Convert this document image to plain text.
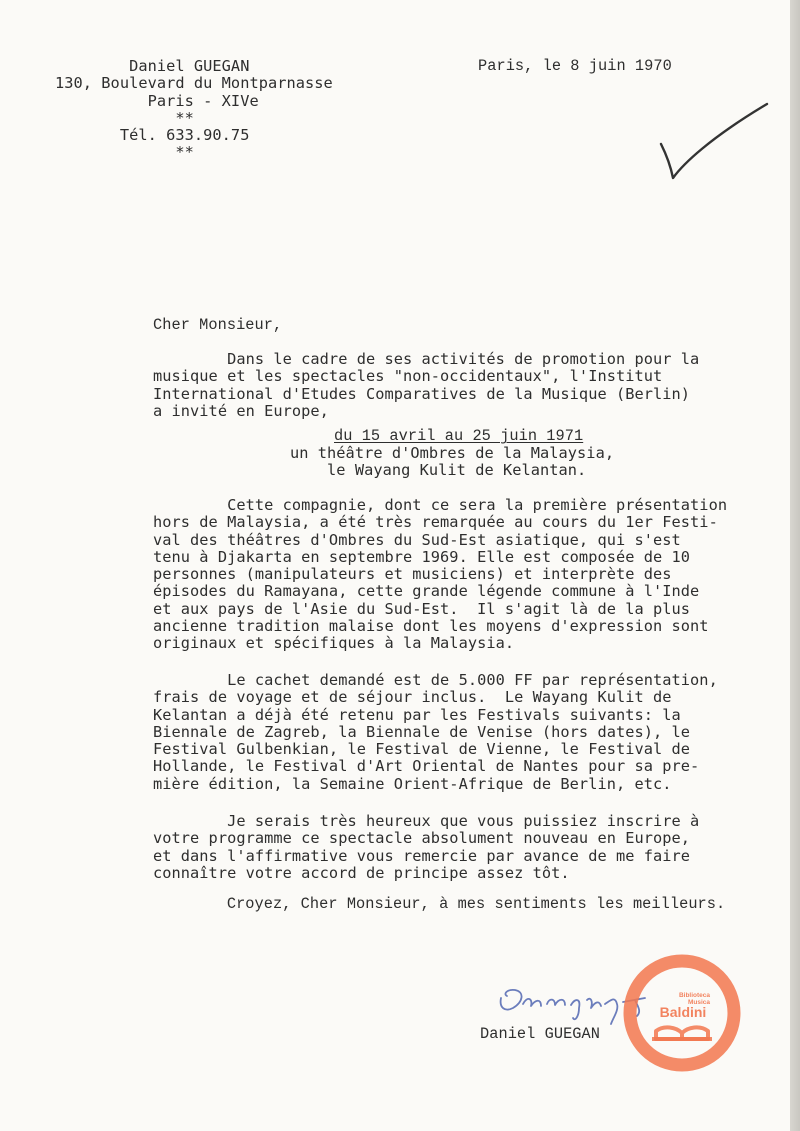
Daniel GUEGAN
130, Boulevard du Montparnasse
Paris - XIVe
**
Tél. 633.90.75
**

Paris, le 8 juin 1970

Cher Monsieur,

Dans le cadre de ses activités de promotion pour la
musique et les spectacles "non-occidentaux", l'Institut
International d'Etudes Comparatives de la Musique (Berlin)
a invité en Europe,

du 15 avril au 25 juin 1971

un théâtre d'Ombres de la Malaysia,
le Wayang Kulit de Kelantan.
Cette compagnie, dont ce sera la première présentation
hors de Malaysia, a été très remarquée au cours du 1er Festi-
val des théâtres d'Ombres du Sud-Est asiatique, qui s'est
tenu à Djakarta en septembre 1969. Elle est composée de 10
personnes (manipulateurs et musiciens) et interprète des
épisodes du Ramayana, cette grande légende commune à l'Inde
et aux pays de l'Asie du Sud-Est.  Il s'agit là de la plus
ancienne tradition malaise dont les moyens d'expression sont
originaux et spécifiques à la Malaysia.
Le cachet demandé est de 5.000 FF par représentation,
frais de voyage et de séjour inclus.  Le Wayang Kulit de
Kelantan a déjà été retenu par les Festivals suivants: la
Biennale de Zagreb, la Biennale de Venise (hors dates), le
Festival Gulbenkian, le Festival de Vienne, le Festival de
Hollande, le Festival d'Art Oriental de Nantes pour sa pre-
mière édition, la Semaine Orient-Afrique de Berlin, etc.
Je serais très heureux que vous puissiez inscrire à
votre programme ce spectacle absolument nouveau en Europe,
et dans l'affirmative vous remercie par avance de me faire
connaître votre accord de principe assez tôt.

Croyez, Cher Monsieur, à mes sentiments les meilleurs.

Daniel GUEGAN

Biblioteca
Musica
Baldini
